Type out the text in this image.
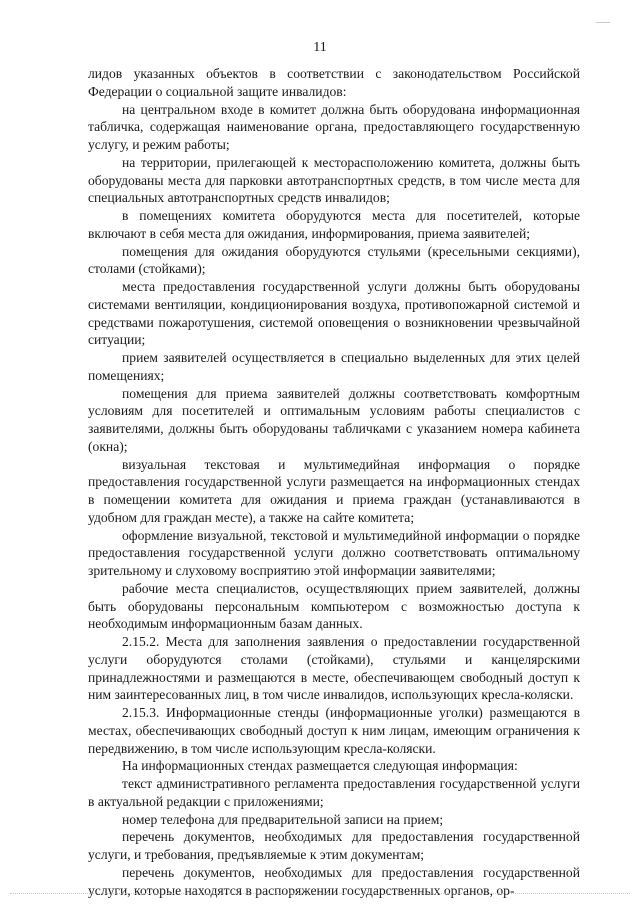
11

лидов указанных объектов в соответствии с законодательством Российской Федерации о социальной защите инвалидов:

на центральном входе в комитет должна быть оборудована информационная табличка, содержащая наименование органа, предоставляющего государственную услугу, и режим работы;

на территории, прилегающей к месторасположению комитета, должны быть оборудованы места для парковки автотранспортных средств, в том числе места для специальных автотранспортных средств инвалидов;

в помещениях комитета оборудуются места для посетителей, которые включают в себя места для ожидания, информирования, приема заявителей;

помещения для ожидания оборудуются стульями (кресельными секциями), столами (стойками);

места предоставления государственной услуги должны быть оборудованы системами вентиляции, кондиционирования воздуха, противопожарной системой и средствами пожаротушения, системой оповещения о возникновении чрезвычайной ситуации;

прием заявителей осуществляется в специально выделенных для этих целей помещениях;

помещения для приема заявителей должны соответствовать комфортным условиям для посетителей и оптимальным условиям работы специалистов с заявителями, должны быть оборудованы табличками с указанием номера кабинета (окна);

визуальная текстовая и мультимедийная информация о порядке предоставления государственной услуги размещается на информационных стендах в помещении комитета для ожидания и приема граждан (устанавливаются в удобном для граждан месте), а также на сайте комитета;

оформление визуальной, текстовой и мультимедийной информации о порядке предоставления государственной услуги должно соответствовать оптимальному зрительному и слуховому восприятию этой информации заявителями;

рабочие места специалистов, осуществляющих прием заявителей, должны быть оборудованы персональным компьютером с возможностью доступа к необходимым информационным базам данных.

2.15.2. Места для заполнения заявления о предоставлении государственной услуги оборудуются столами (стойками), стульями и канцелярскими принадлежностями и размещаются в месте, обеспечивающем свободный доступ к ним заинтересованных лиц, в том числе инвалидов, использующих кресла-коляски.

2.15.3. Информационные стенды (информационные уголки) размещаются в местах, обеспечивающих свободный доступ к ним лицам, имеющим ограничения к передвижению, в том числе использующим кресла-коляски.

На информационных стендах размещается следующая информация:

текст административного регламента предоставления государственной услуги в актуальной редакции с приложениями;

номер телефона для предварительной записи на прием;

перечень документов, необходимых для предоставления государственной услуги, и требования, предъявляемые к этим документам;

перечень документов, необходимых для предоставления государственной услуги, которые находятся в распоряжении государственных органов, ор-
